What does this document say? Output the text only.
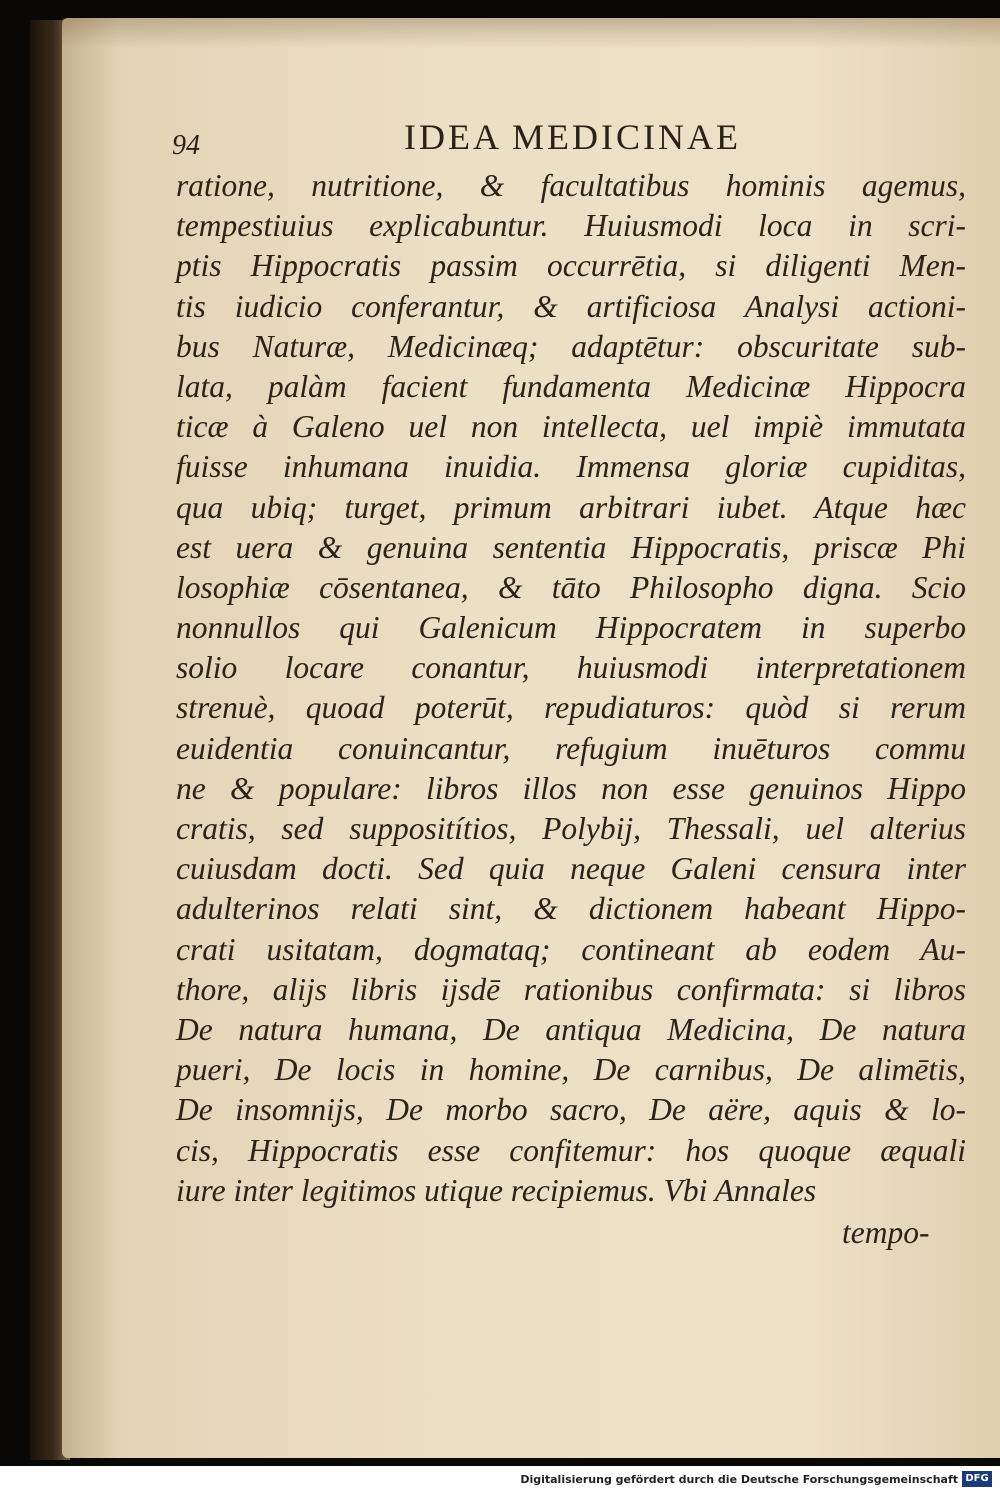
94	IDEA MEDICINAE
ratione, nutritione, & facultatibus hominis agemus,
tempestiuius explicabuntur. Huiusmodi loca in scri-
ptis Hippocratis passim occurrētia, si diligenti Men-
tis iudicio conferantur, & artificiosa Analysi actioni-
bus Naturæ, Medicinæq; adaptētur: obscuritate sub-
lata, palàm facient fundamenta Medicinæ Hippocra
ticæ à Galeno uel non intellecta, uel impiè immutata
fuisse inhumana inuidia. Immensa gloriæ cupiditas,
qua ubiq; turget, primum arbitrari iubet. Atque hæc
est uera & genuina sententia Hippocratis, priscæ Phi
losophiæ cōsentanea, & tāto Philosopho digna. Scio
nonnullos qui Galenicum Hippocratem in superbo
solio locare conantur, huiusmodi interpretationem
strenuè, quoad poterūt, repudiaturos: quòd si rerum
euidentia conuincantur, refugium inuēturos commu
ne & populare: libros illos non esse genuinos Hippo
cratis, sed suppositítios, Polybij, Thessali, uel alterius
cuiusdam docti. Sed quia neque Galeni censura inter
adulterinos relati sint, & dictionem habeant Hippo-
crati usitatam, dogmataq; contineant ab eodem Au-
thore, alijs libris ijsdē rationibus confirmata: si libros
De natura humana, De antiqua Medicina, De natura
pueri, De locis in homine, De carnibus, De alimētis,
De insomnijs, De morbo sacro, De aëre, aquis & lo-
cis, Hippocratis esse confitemur: hos quoque æquali
iure inter legitimos utique recipiemus. Vbi Annales
tempo-
Digitalisierung gefördert durch die Deutsche Forschungsgemeinschaft DFG
